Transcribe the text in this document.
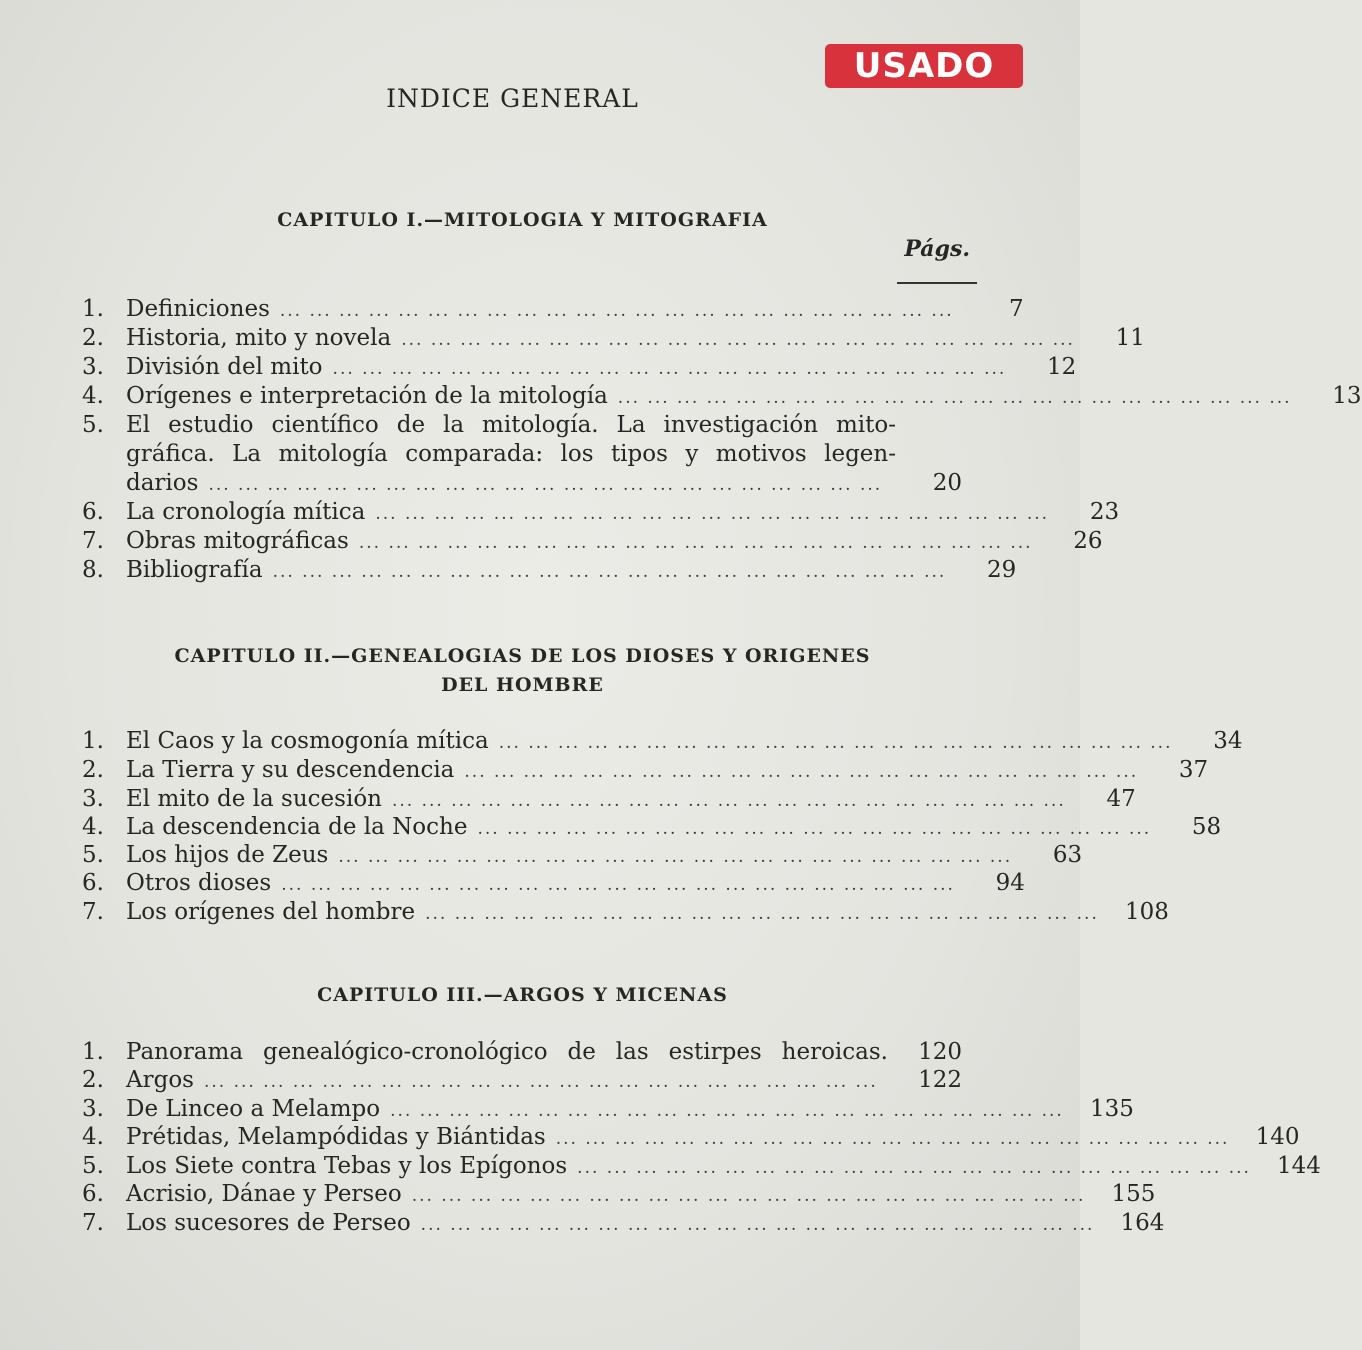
USADO
INDICE GENERAL
CAPITULO I.—MITOLOGIA Y MITOGRAFIA
Págs.
1. Definiciones ... ... ... ... ... ... ... ... ... ... ... ... ... ... ... ... ... ... ... ... ... ... ...	7
2. Historia, mito y novela ... ... ... ... ... ... ... ... ... ... ... ... ... ... ... ... ... ... ... ... ... ... ...	11
3. División del mito ... ... ... ... ... ... ... ... ... ... ... ... ... ... ... ... ... ... ... ... ... ... ...	12
4. Orígenes e interpretación de la mitología ... ... ... ... ... ... ... ... ... ... ... ... ... ... ... ... ... ... ... ... ... ... ...	13
5. El estudio científico de la mitología. La investigación mito-
gráfica. La mitología comparada: los tipos y motivos legen-
darios ... ... ... ... ... ... ... ... ... ... ... ... ... ... ... ... ... ... ... ... ... ... ...	20
6. La cronología mítica ... ... ... ... ... ... ... ... ... ... ... ... ... ... ... ... ... ... ... ... ... ... ...	23
7. Obras mitográficas ... ... ... ... ... ... ... ... ... ... ... ... ... ... ... ... ... ... ... ... ... ... ...	26
8. Bibliografía ... ... ... ... ... ... ... ... ... ... ... ... ... ... ... ... ... ... ... ... ... ... ...	29
CAPITULO II.—GENEALOGIAS DE LOS DIOSES Y ORIGENES
DEL HOMBRE
1. El Caos y la cosmogonía mítica ... ... ... ... ... ... ... ... ... ... ... ... ... ... ... ... ... ... ... ... ... ... ...	34
2. La Tierra y su descendencia ... ... ... ... ... ... ... ... ... ... ... ... ... ... ... ... ... ... ... ... ... ... ...	37
3. El mito de la sucesión ... ... ... ... ... ... ... ... ... ... ... ... ... ... ... ... ... ... ... ... ... ... ...	47
4. La descendencia de la Noche ... ... ... ... ... ... ... ... ... ... ... ... ... ... ... ... ... ... ... ... ... ... ...	58
5. Los hijos de Zeus ... ... ... ... ... ... ... ... ... ... ... ... ... ... ... ... ... ... ... ... ... ... ...	63
6. Otros dioses ... ... ... ... ... ... ... ... ... ... ... ... ... ... ... ... ... ... ... ... ... ... ...	94
7. Los orígenes del hombre ... ... ... ... ... ... ... ... ... ... ... ... ... ... ... ... ... ... ... ... ... ... ...	108
CAPITULO III.—ARGOS Y MICENAS
1. Panorama genealógico-cronológico de las estirpes heroicas.	120
2. Argos ... ... ... ... ... ... ... ... ... ... ... ... ... ... ... ... ... ... ... ... ... ... ...	122
3. De Linceo a Melampo ... ... ... ... ... ... ... ... ... ... ... ... ... ... ... ... ... ... ... ... ... ... ...	135
4. Prétidas, Melampódidas y Biántidas ... ... ... ... ... ... ... ... ... ... ... ... ... ... ... ... ... ... ... ... ... ... ...	140
5. Los Siete contra Tebas y los Epígonos ... ... ... ... ... ... ... ... ... ... ... ... ... ... ... ... ... ... ... ... ... ... ...	144
6. Acrisio, Dánae y Perseo ... ... ... ... ... ... ... ... ... ... ... ... ... ... ... ... ... ... ... ... ... ... ...	155
7. Los sucesores de Perseo ... ... ... ... ... ... ... ... ... ... ... ... ... ... ... ... ... ... ... ... ... ... ...	164
